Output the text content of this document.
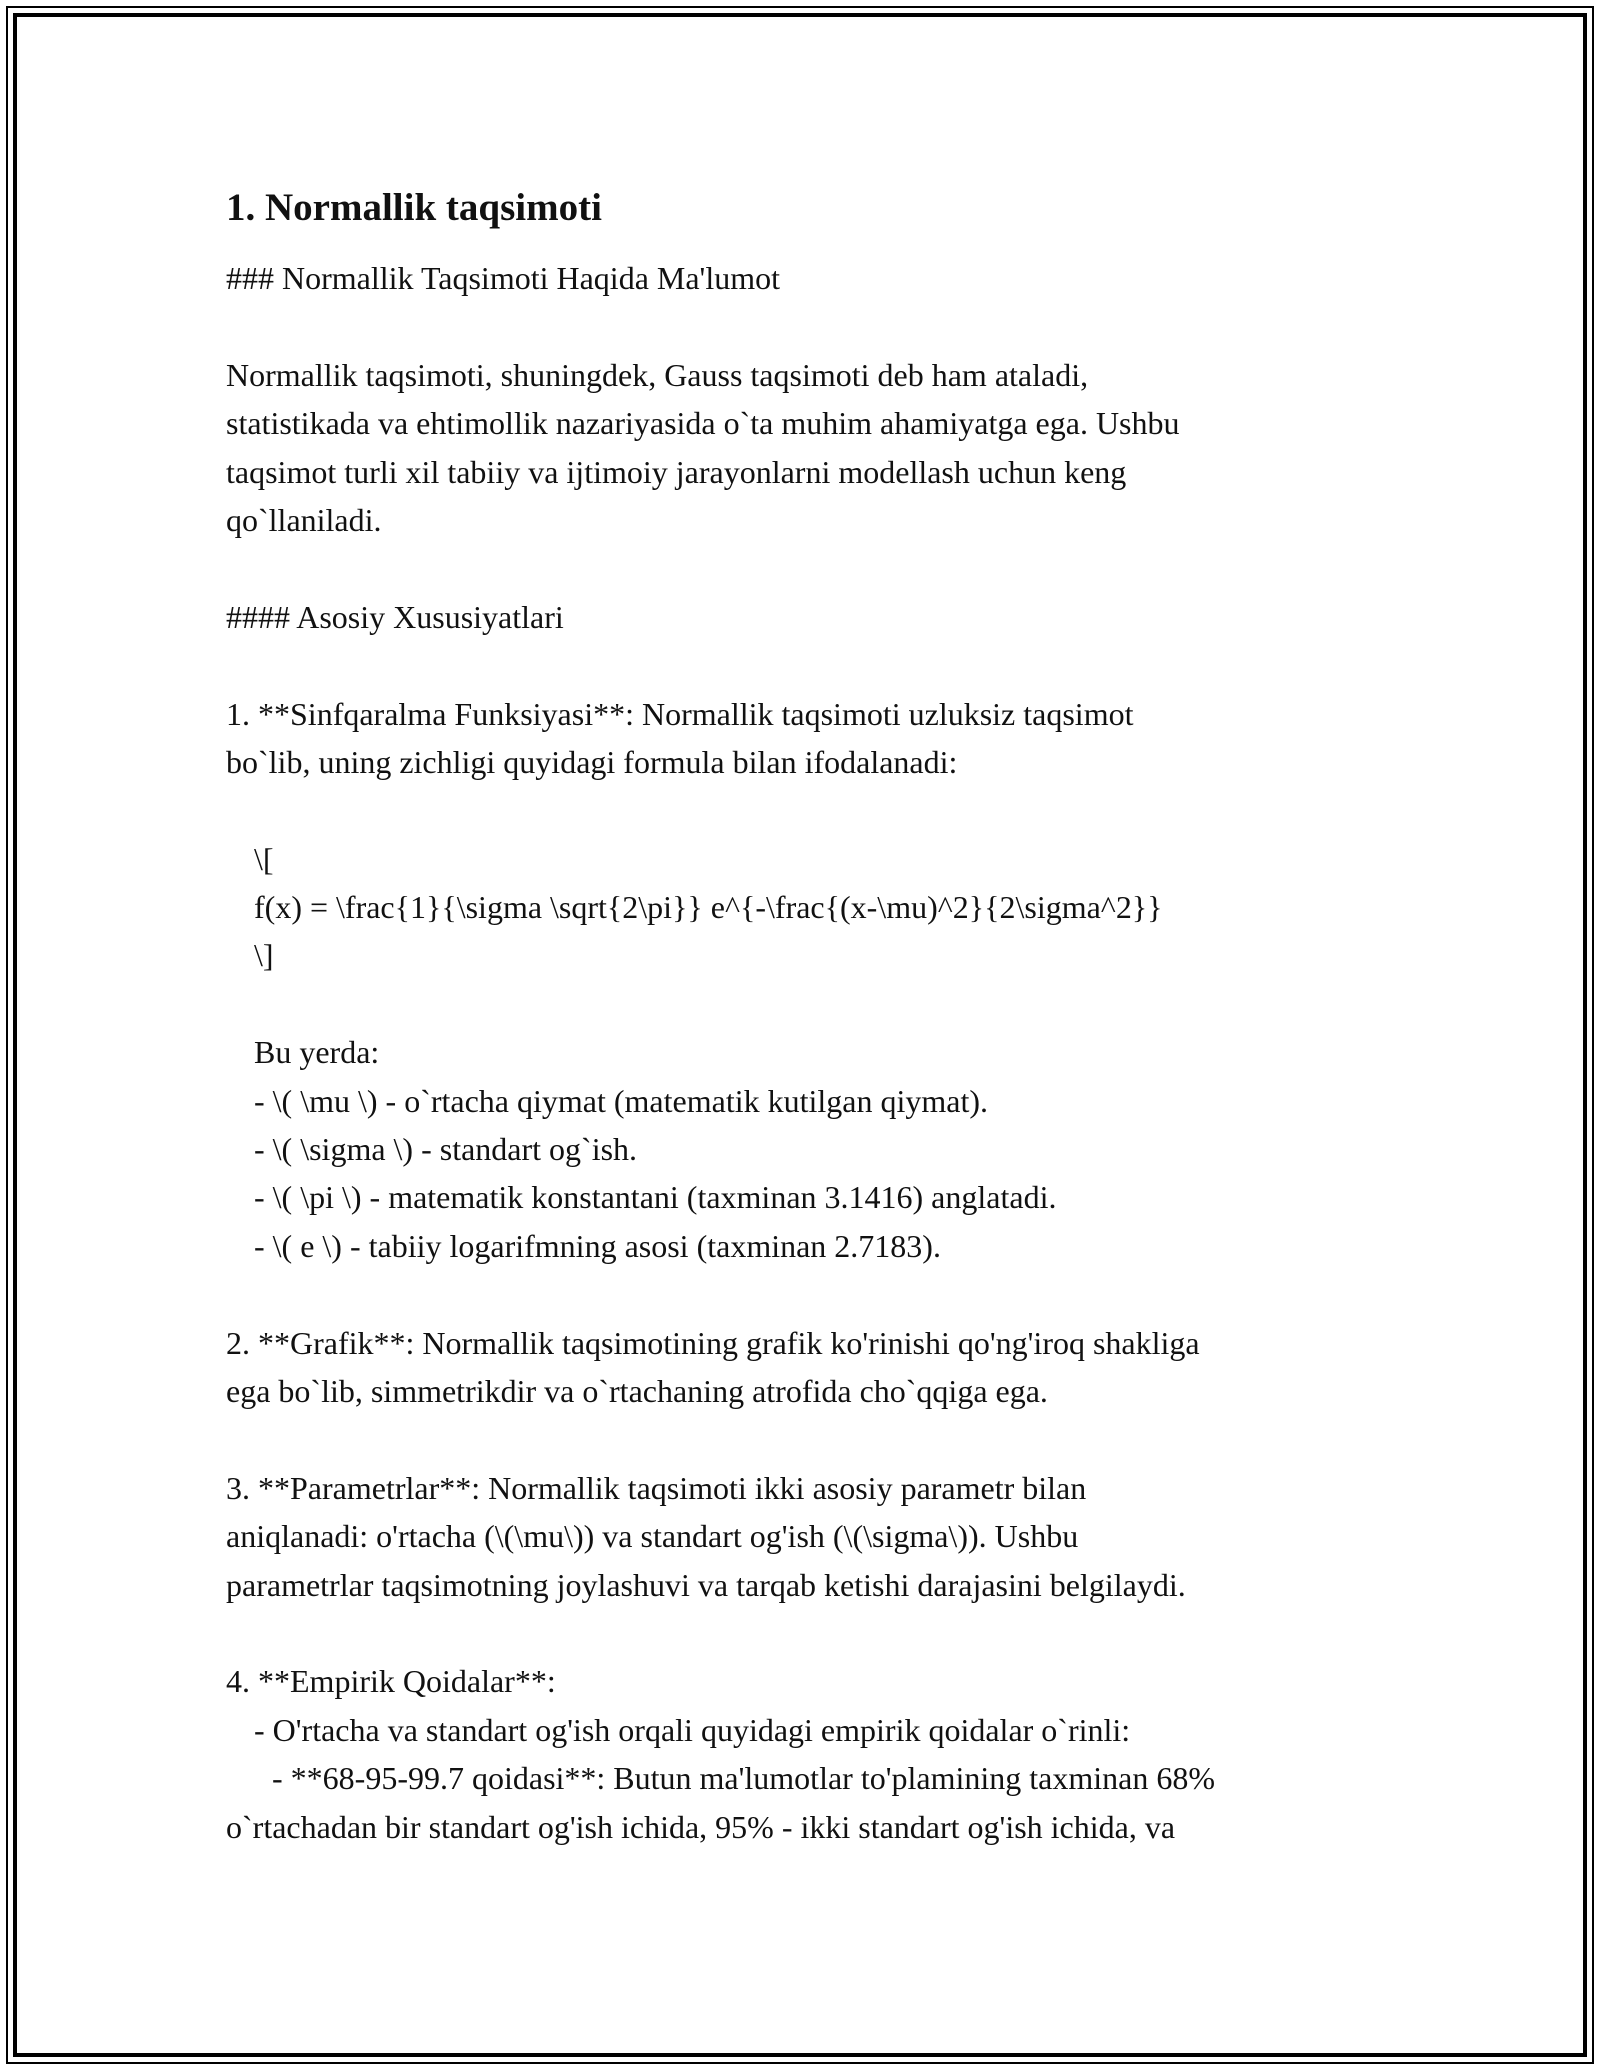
1. Normallik taqsimoti
### Normallik Taqsimoti Haqida Ma'lumot
Normallik taqsimoti, shuningdek, Gauss taqsimoti deb ham ataladi,
statistikada va ehtimollik nazariyasida o`ta muhim ahamiyatga ega. Ushbu
taqsimot turli xil tabiiy va ijtimoiy jarayonlarni modellash uchun keng
qo`llaniladi.
#### Asosiy Xususiyatlari
1. **Sinfqaralma Funksiyasi**: Normallik taqsimoti uzluksiz taqsimot
bo`lib, uning zichligi quyidagi formula bilan ifodalanadi:
\[
f(x) = \frac{1}{\sigma \sqrt{2\pi}} e^{-\frac{(x-\mu)^2}{2\sigma^2}}
\]
Bu yerda:
- \( \mu \) - o`rtacha qiymat (matematik kutilgan qiymat).
- \( \sigma \) - standart og`ish.
- \( \pi \) - matematik konstantani (taxminan 3.1416) anglatadi.
- \( e \) - tabiiy logarifmning asosi (taxminan 2.7183).
2. **Grafik**: Normallik taqsimotining grafik ko'rinishi qo'ng'iroq shakliga
ega bo`lib, simmetrikdir va o`rtachaning atrofida cho`qqiga ega.
3. **Parametrlar**: Normallik taqsimoti ikki asosiy parametr bilan
aniqlanadi: o'rtacha (\(\mu\)) va standart og'ish (\(\sigma\)). Ushbu
parametrlar taqsimotning joylashuvi va tarqab ketishi darajasini belgilaydi.
4. **Empirik Qoidalar**:
- O'rtacha va standart og'ish orqali quyidagi empirik qoidalar o`rinli:
- **68-95-99.7 qoidasi**: Butun ma'lumotlar to'plamining taxminan 68%
o`rtachadan bir standart og'ish ichida, 95% - ikki standart og'ish ichida, va
